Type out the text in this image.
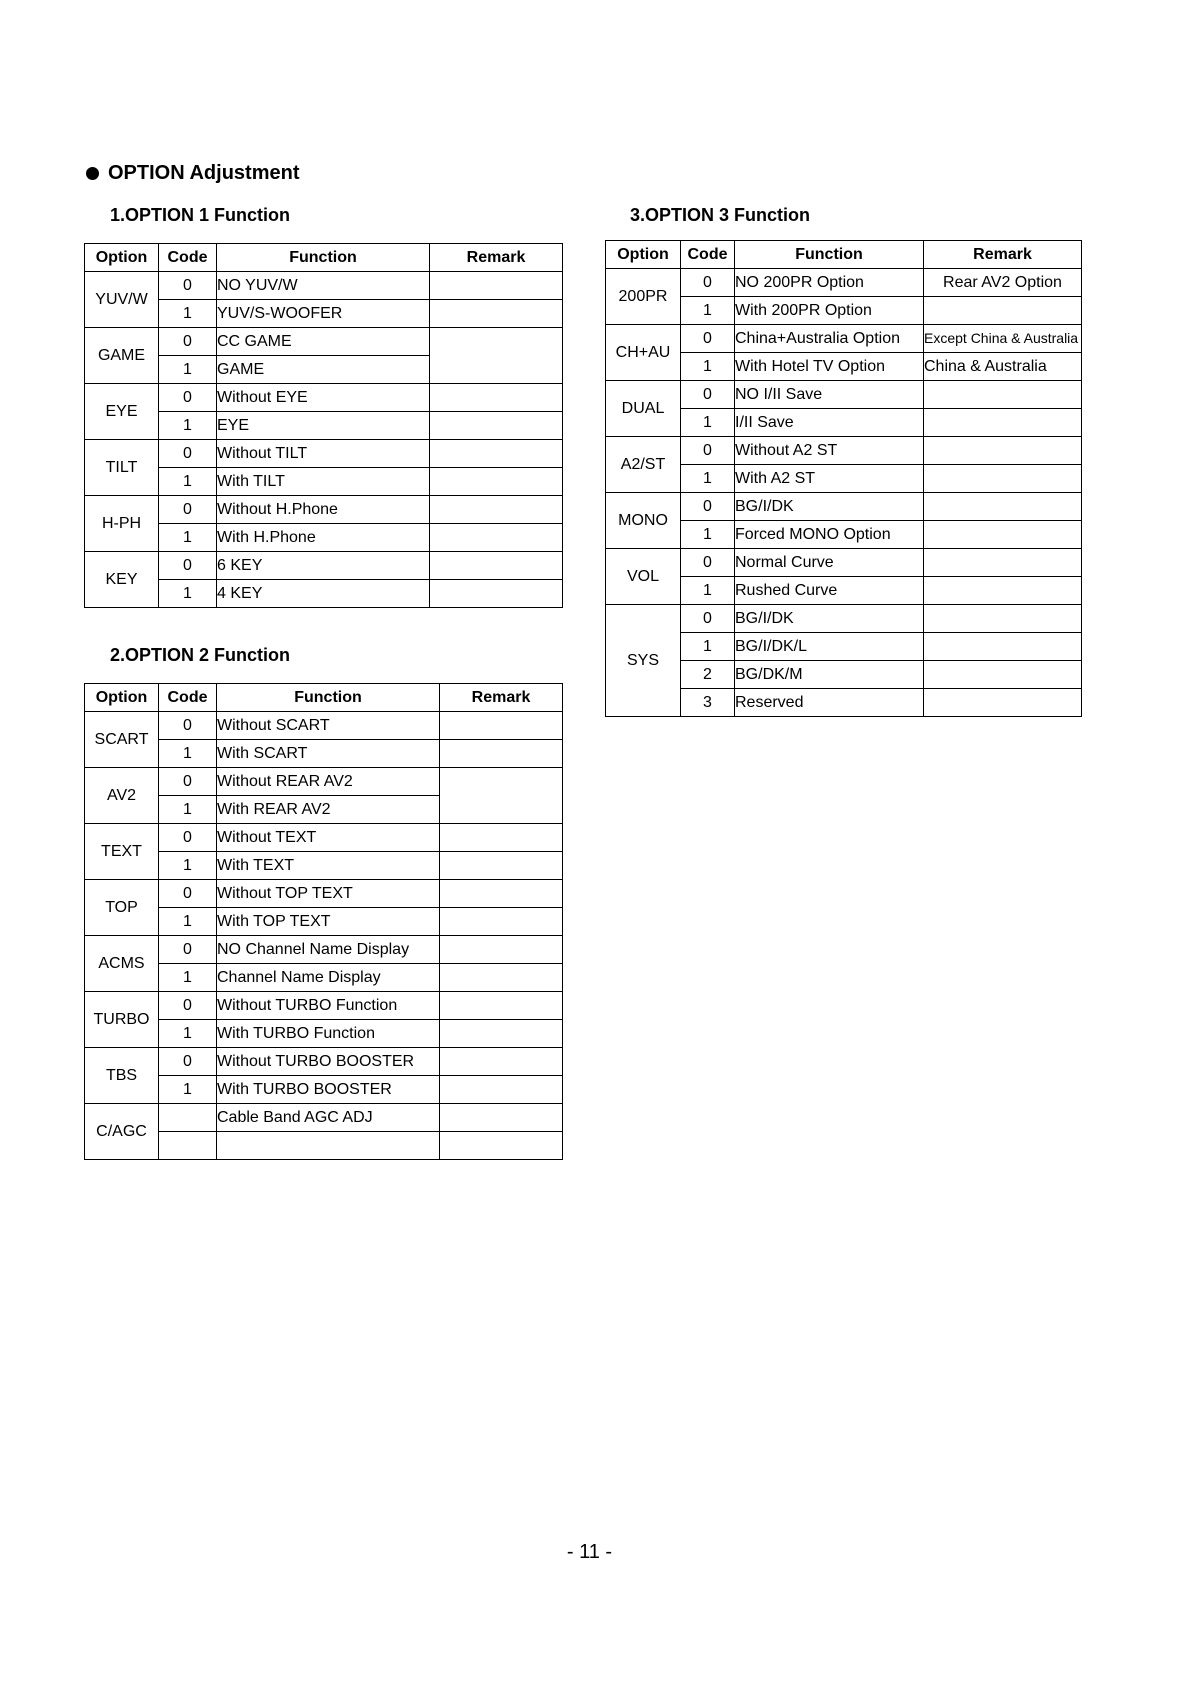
OPTION Adjustment
1.OPTION 1 Function
Option	Code	Function	Remark
YUV/W	0	NO YUV/W	
	1	YUV/S-WOOFER	
GAME	0	CC GAME	
	1	GAME	
EYE	0	Without EYE	
	1	EYE	
TILT	0	Without TILT	
	1	With TILT	
H-PH	0	Without H.Phone	
	1	With H.Phone	
KEY	0	6 KEY	
	1	4 KEY	
2.OPTION 2 Function
Option	Code	Function	Remark
SCART	0	Without SCART	
	1	With SCART	
AV2	0	Without REAR AV2	
	1	With REAR AV2	
TEXT	0	Without TEXT	
	1	With TEXT	
TOP	0	Without TOP TEXT	
	1	With TOP TEXT	
ACMS	0	NO Channel Name Display	
	1	Channel Name Display	
TURBO	0	Without TURBO Function	
	1	With TURBO Function	
TBS	0	Without TURBO BOOSTER	
	1	With TURBO BOOSTER	
C/AGC		Cable Band AGC ADJ	

3.OPTION 3 Function
Option	Code	Function	Remark
200PR	0	NO 200PR Option	Rear AV2 Option
	1	With 200PR Option	
CH+AU	0	China+Australia Option	Except China & Australia
	1	With Hotel TV Option	China & Australia
DUAL	0	NO I/II Save	
	1	I/II Save	
A2/ST	0	Without A2 ST	
	1	With A2 ST	
MONO	0	BG/I/DK	
	1	Forced MONO Option	
VOL	0	Normal Curve	
	1	Rushed Curve	
SYS	0	BG/I/DK	
	1	BG/I/DK/L	
	2	BG/DK/M	
	3	Reserved	
- 11 -
